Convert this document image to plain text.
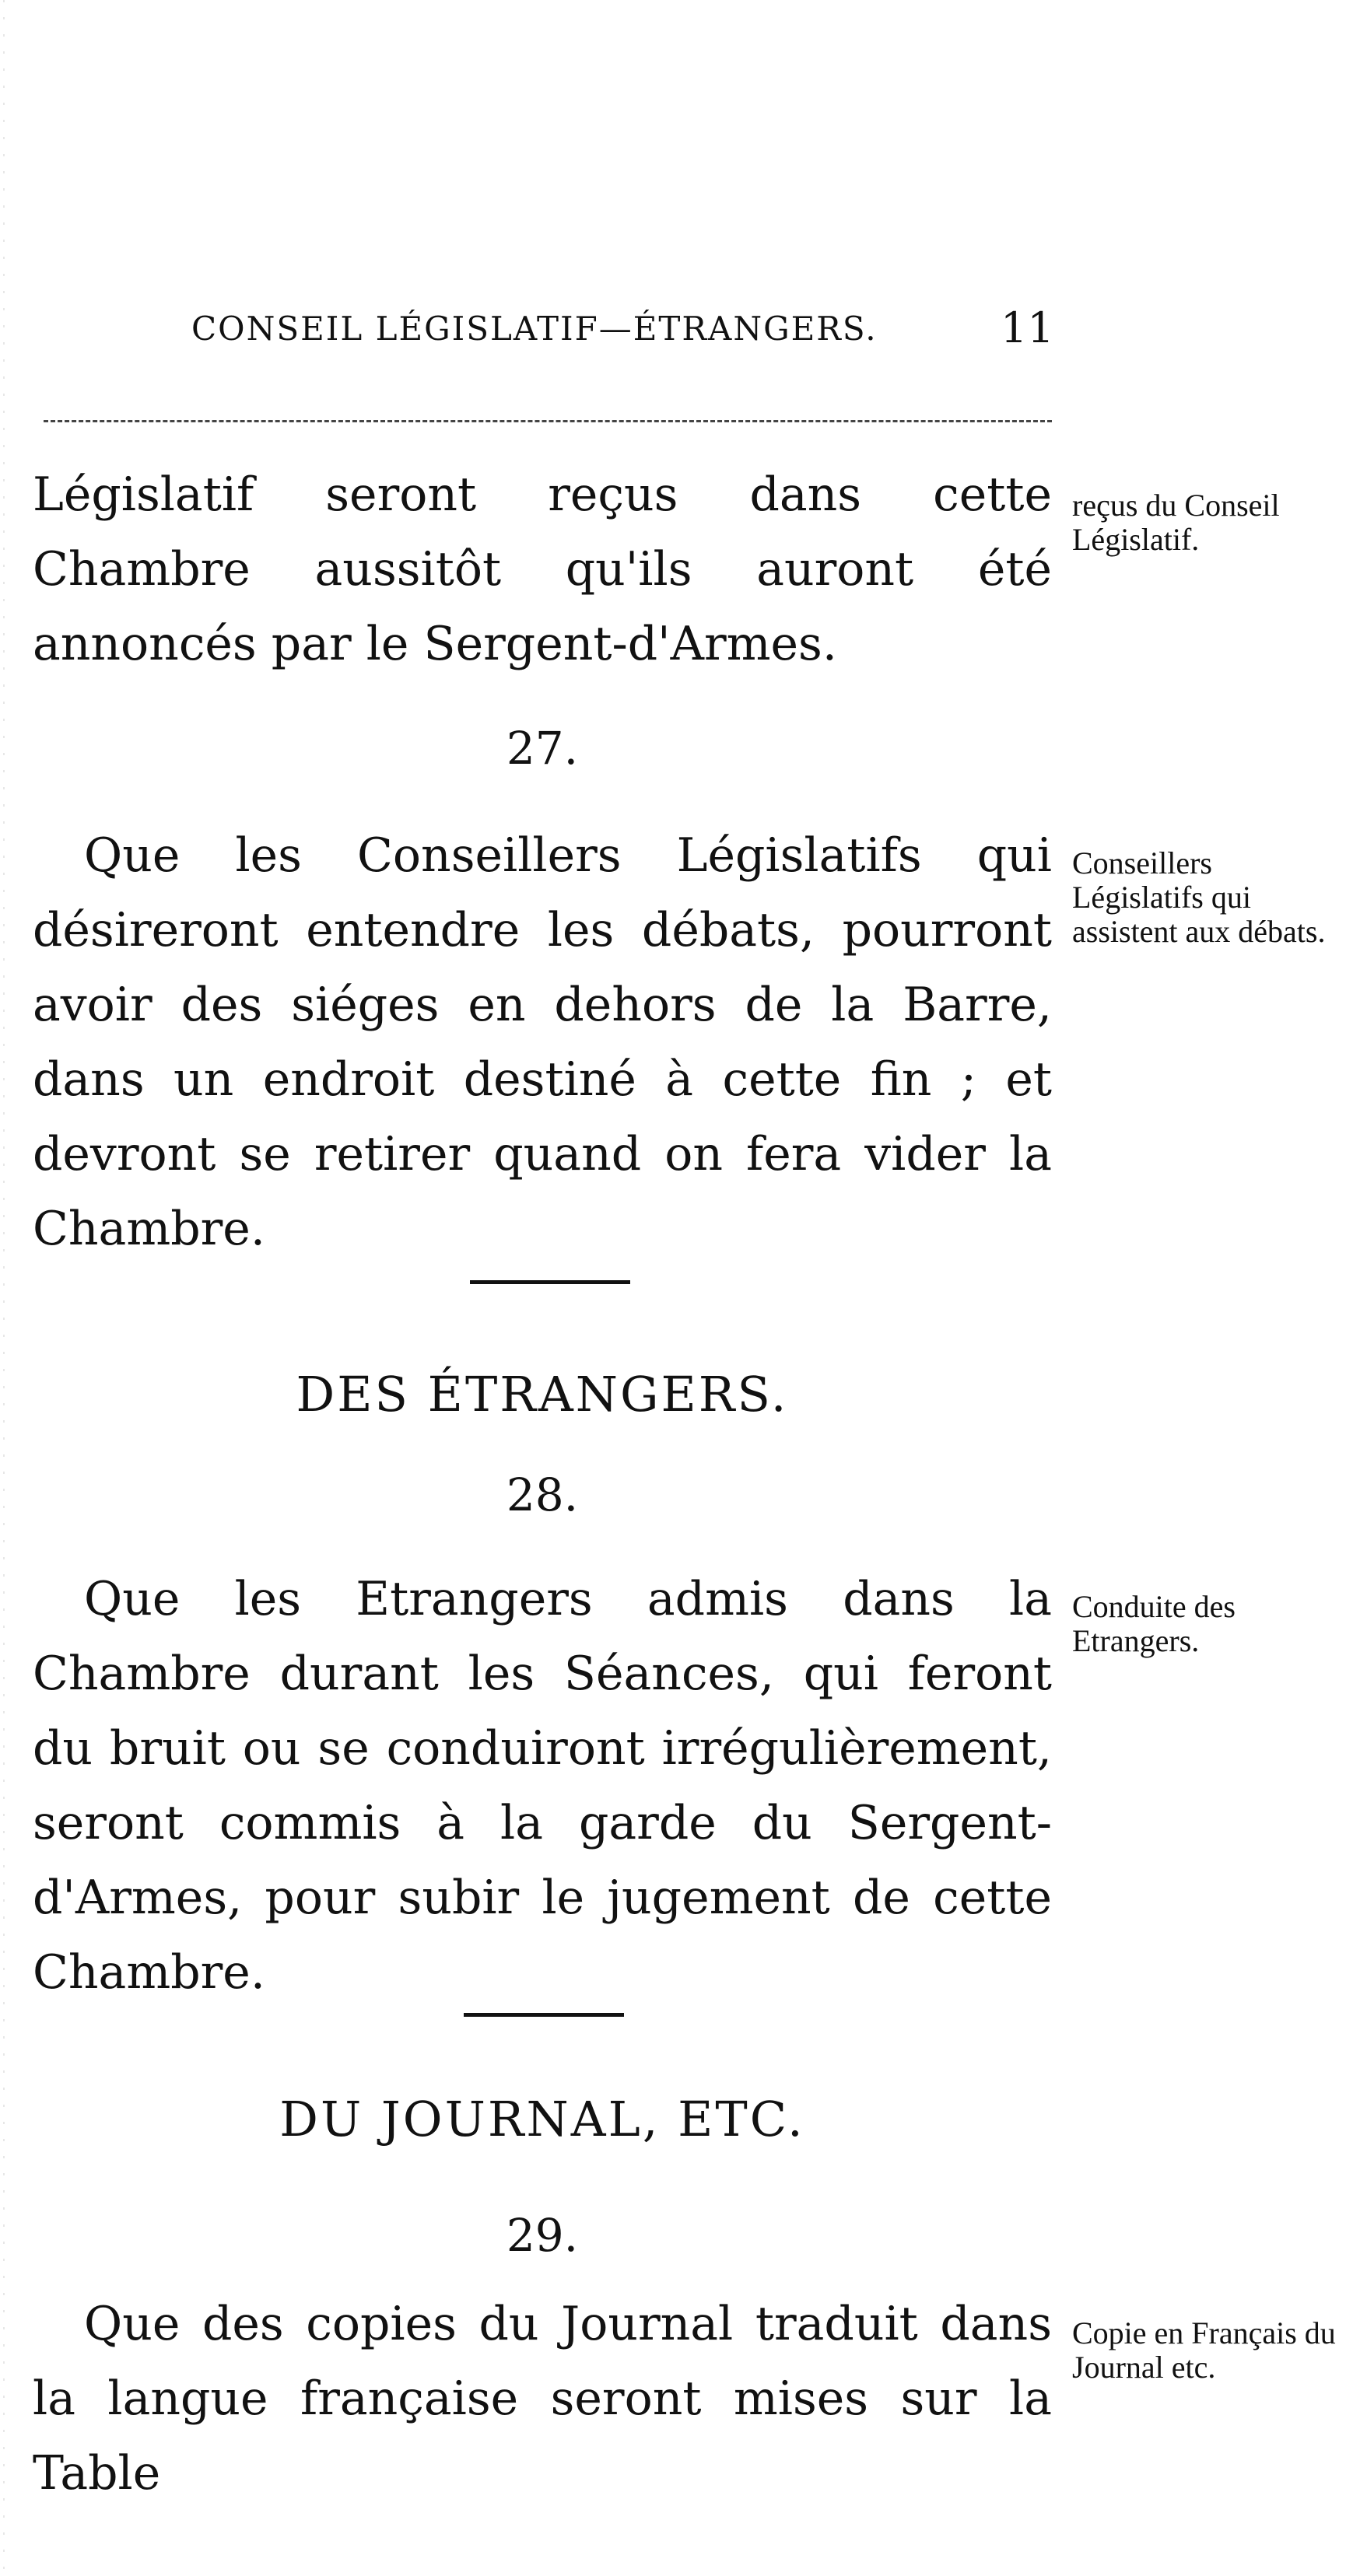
CONSEIL LÉGISLATIF—ÉTRANGERS.	11
Législatif seront reçus dans cette Chambre aussitôt qu'ils auront été annoncés par le Sergent-d'Armes.
reçus du Conseil Législatif.
27.
Que les Conseillers Législatifs qui désireront entendre les débats, pourront avoir des siéges en dehors de la Barre, dans un endroit destiné à cette fin ; et devront se retirer quand on fera vider la Chambre.
Conseillers Législatifs qui assistent aux débats.
DES ÉTRANGERS.
28.
Que les Etrangers admis dans la Chambre durant les Séances, qui feront du bruit ou se conduiront irrégulièrement, seront commis à la garde du Sergent-d'Armes, pour subir le jugement de cette Chambre.
Conduite des Etrangers.
DU JOURNAL, ETC.
29.
Que des copies du Journal traduit dans la langue française seront mises sur la Table
Copie en Français du Journal etc.
